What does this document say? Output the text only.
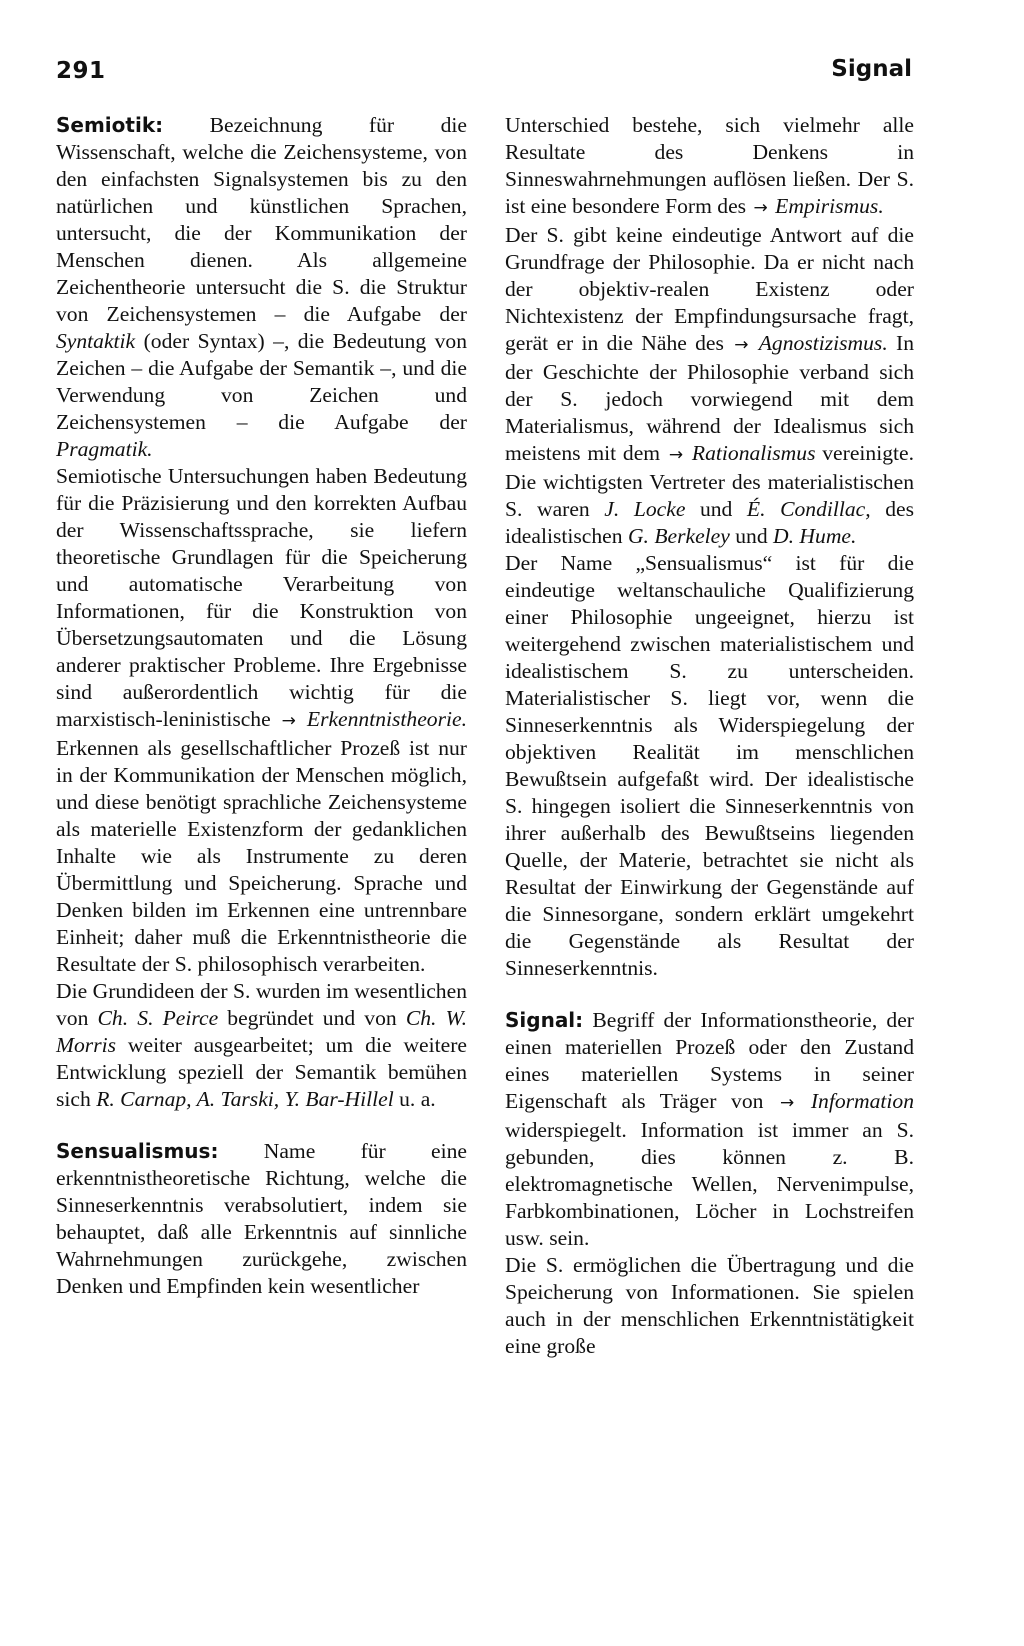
291	Signal

Semiotik: Bezeichnung für die Wissenschaft, welche die Zeichensysteme, von den einfachsten Signalsystemen bis zu den natürlichen und künstlichen Sprachen, untersucht, die der Kommunikation der Menschen dienen. Als allgemeine Zeichentheorie untersucht die S. die Struktur von Zeichensystemen – die Aufgabe der Syntaktik (oder Syntax) –, die Bedeutung von Zeichen – die Aufgabe der Semantik –, und die Verwendung von Zeichen und Zeichensystemen – die Aufgabe der Pragmatik.

Semiotische Untersuchungen haben Bedeutung für die Präzisierung und den korrekten Aufbau der Wissenschaftssprache, sie liefern theoretische Grundlagen für die Speicherung und automatische Verarbeitung von Informationen, für die Konstruktion von Übersetzungsautomaten und die Lösung anderer praktischer Probleme. Ihre Ergebnisse sind außerordentlich wichtig für die marxistisch-leninistische → Erkenntnistheorie. Erkennen als gesellschaftlicher Prozeß ist nur in der Kommunikation der Menschen möglich, und diese benötigt sprachliche Zeichensysteme als materielle Existenzform der gedanklichen Inhalte wie als Instrumente zu deren Übermittlung und Speicherung. Sprache und Denken bilden im Erkennen eine untrennbare Einheit; daher muß die Erkenntnistheorie die Resultate der S. philosophisch verarbeiten.

Die Grundideen der S. wurden im wesentlichen von Ch. S. Peirce begründet und von Ch. W. Morris weiter ausgearbeitet; um die weitere Entwicklung speziell der Semantik bemühen sich R. Carnap, A. Tarski, Y. Bar-Hillel u. a.

Sensualismus: Name für eine erkenntnistheoretische Richtung, welche die Sinneserkenntnis verabsolutiert, indem sie behauptet, daß alle Erkenntnis auf sinnliche Wahrnehmungen zurückgehe, zwischen Denken und Empfinden kein wesentlicher

Unterschied bestehe, sich vielmehr alle Resultate des Denkens in Sinneswahrnehmungen auflösen ließen. Der S. ist eine besondere Form des → Empirismus.

Der S. gibt keine eindeutige Antwort auf die Grundfrage der Philosophie. Da er nicht nach der objektiv-realen Existenz oder Nichtexistenz der Empfindungsursache fragt, gerät er in die Nähe des → Agnostizismus. In der Geschichte der Philosophie verband sich der S. jedoch vorwiegend mit dem Materialismus, während der Idealismus sich meistens mit dem → Rationalismus vereinigte. Die wichtigsten Vertreter des materialistischen S. waren J. Locke und É. Condillac, des idealistischen G. Berkeley und D. Hume.

Der Name „Sensualismus“ ist für die eindeutige weltanschauliche Qualifizierung einer Philosophie ungeeignet, hierzu ist weitergehend zwischen materialistischem und idealistischem S. zu unterscheiden. Materialistischer S. liegt vor, wenn die Sinneserkenntnis als Widerspiegelung der objektiven Realität im menschlichen Bewußtsein aufgefaßt wird. Der idealistische S. hingegen isoliert die Sinneserkenntnis von ihrer außerhalb des Bewußtseins liegenden Quelle, der Materie, betrachtet sie nicht als Resultat der Einwirkung der Gegenstände auf die Sinnesorgane, sondern erklärt umgekehrt die Gegenstände als Resultat der Sinneserkenntnis.

Signal: Begriff der Informationstheorie, der einen materiellen Prozeß oder den Zustand eines materiellen Systems in seiner Eigenschaft als Träger von → Information widerspiegelt. Information ist immer an S. gebunden, dies können z. B. elektromagnetische Wellen, Nervenimpulse, Farbkombinationen, Löcher in Lochstreifen usw. sein.

Die S. ermöglichen die Übertragung und die Speicherung von Informationen. Sie spielen auch in der menschlichen Erkenntnistätigkeit eine große
